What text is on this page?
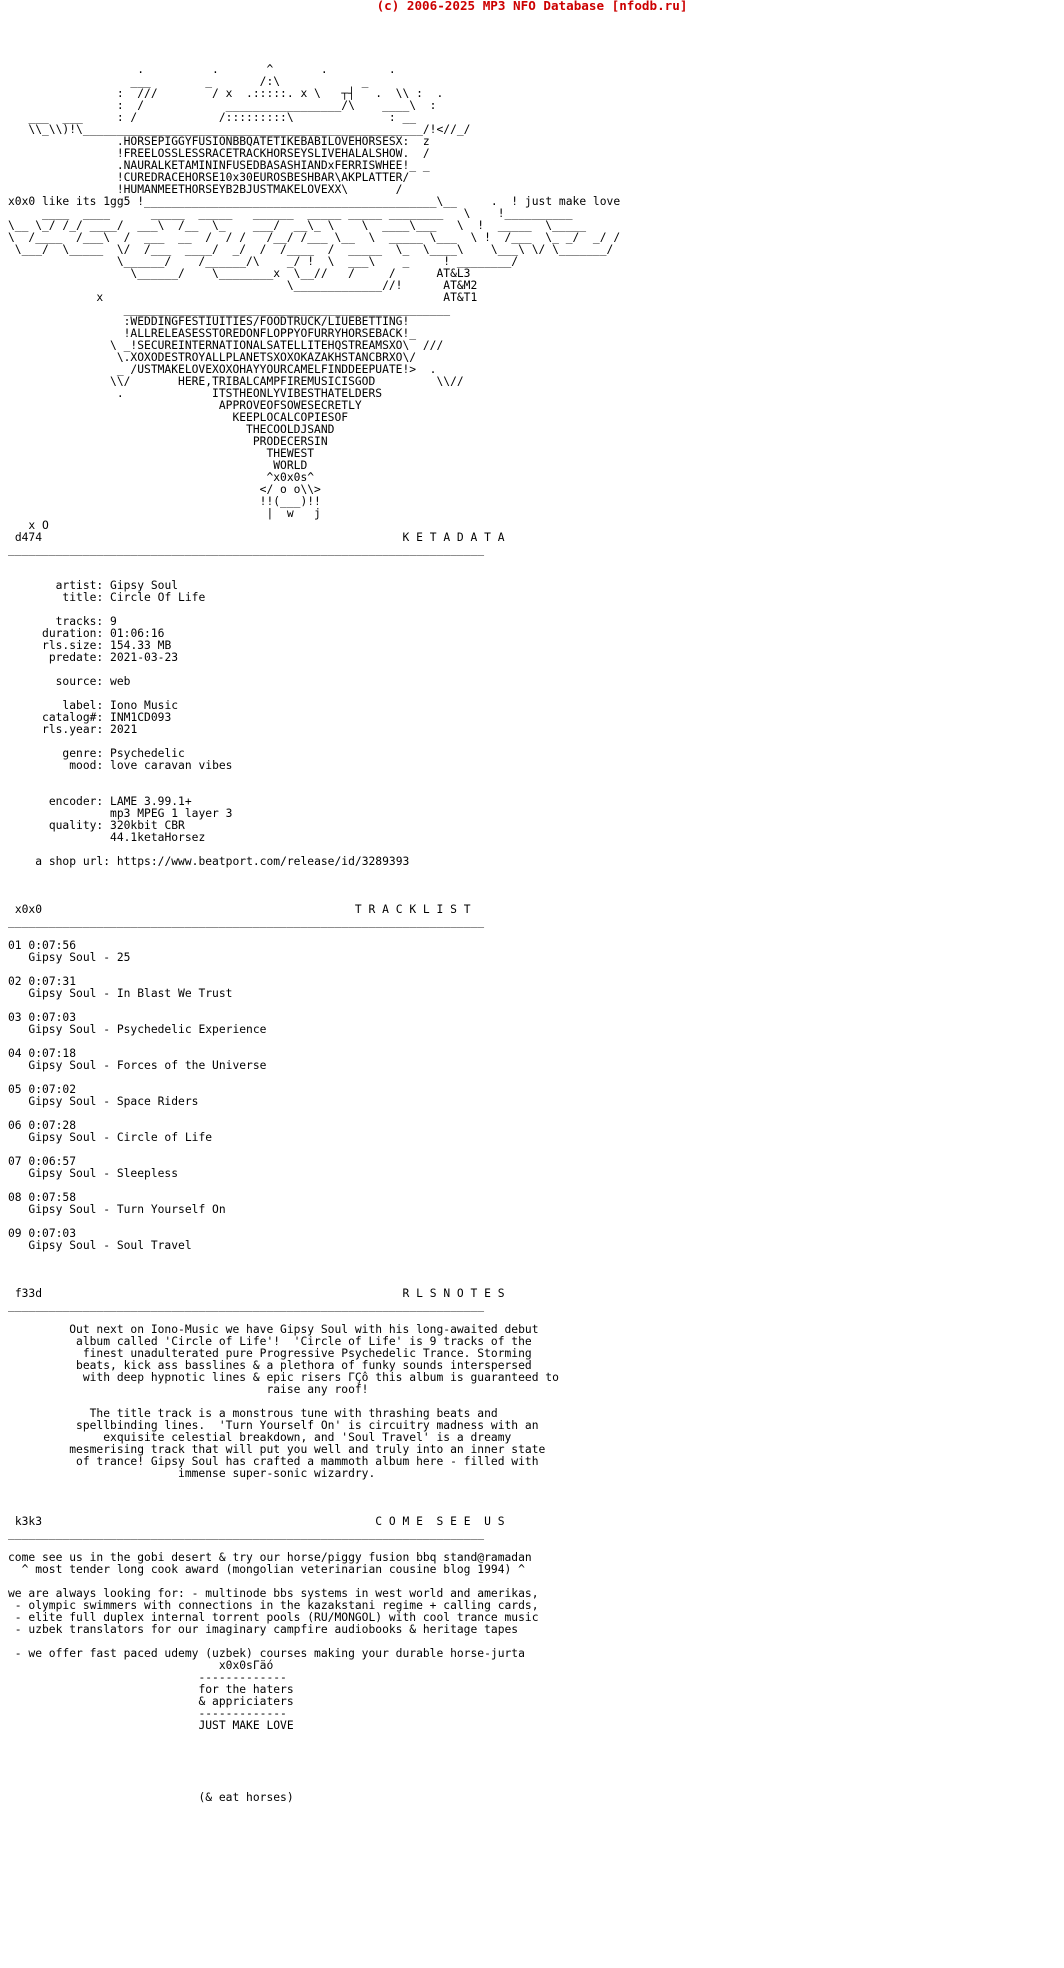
(c) 2006-2025 MP3 NFO Database [nfodb.ru]

.          .       ^       .         .
___        _       /:\            _
:  ///        / x  .:::::. x \   ┬┤   .  \\ :  .
:  /            _________________/\    ____\  :
___  ___     : /            /:::::::::\              : __
\\_\\)!\__________________________________________________/!<//_/
.HORSEPIGGYFUSIONBBQATETIKEBABILOVEHORSESX:  z
!FREELOSSLESSRACETRACKHORSEYSLIVEHALALSHOW.  /
.NAURALKETAMININFUSEDBASASHIANDxFERRISWHEE!_ _
!CUREDRACEHORSE10x30EUROSBESHBAR\AKPLATTER/
!HUMANMEETHORSEYB2BJUSTMAKELOVEXX\       /
x0x0 like its 1gg5 !___________________________________________\__     .  ! just make love
____  ____      _____  _____   ______  _____ _____ ________   \    !__________
\__ \_/ /_/ ____/  ___\  /__  \_    ___/  __\_ \    \  ____\___   \  !  _____  \_____
\  /____  /___\  /  ___  __  /  / /   /__/ /___ \__  \  _____ \___  \ !  /___  \_ _/  _/ /
\___/  \_____  \/  /___  ____/  _/  /  /____  /  _____  \_  \____\    \___\ \/ \_______/
\______/    /______/\    _/ !  \  ___\    _     ! ________/
\______/    \________x  \__//   /     /      AT&L3
\_____________//!      AT&M2
x                                                  AT&T1
________________________________________________
:WEDDINGFESTIUITIES/FOODTRUCK/LIUEBETTING!
!ALLRELEASESSTOREDONFLOPPYOFURRYHORSEBACK!_
\ _!SECUREINTERNATIONALSATELLITEHQSTREAMSXO\  ///
\.XOXODESTROYALLPLANETSXOXOKAZAKHSTANCBRXO\/
_ /USTMAKELOVEXOXOHAYYOURCAMELFINDDEEPUATE!>  .
\\/       HERE,TRIBALCAMPFIREMUSICISGOD         \\//
.             ITSTHEONLYVIBESTHATELDERS
APPROVEOFSOWESECRETLY
KEEPLOCALCOPIESOF
THECOOLDJSAND
PRODECERSIN
THEWEST
WORLD
^x0x0s^
</ o o\\>
!!(___)!!
|  w   j
x O
d474	K E T A D A T A
______________________________________________________________________

artist: Gipsy Soul
title: Circle Of Life

tracks: 9
duration: 01:06:16
rls.size: 154.33 MB
predate: 2021-03-23

source: web

label: Iono Music
catalog#: INM1CD093
rls.year: 2021

genre: Psychedelic
mood: love caravan vibes

encoder: LAME 3.99.1+
mp3 MPEG 1 layer 3
quality: 320kbit CBR
44.1ketaHorsez

a shop url: https://www.beatport.com/release/id/3289393

x0x0	T R A C K L I S T
______________________________________________________________________

01 0:07:56
Gipsy Soul - 25

02 0:07:31
Gipsy Soul - In Blast We Trust

03 0:07:03
Gipsy Soul - Psychedelic Experience

04 0:07:18
Gipsy Soul - Forces of the Universe

05 0:07:02
Gipsy Soul - Space Riders

06 0:07:28
Gipsy Soul - Circle of Life

07 0:06:57
Gipsy Soul - Sleepless

08 0:07:58
Gipsy Soul - Turn Yourself On

09 0:07:03
Gipsy Soul - Soul Travel

f33d	R L S N O T E S
______________________________________________________________________

Out next on Iono-Music we have Gipsy Soul with his long-awaited debut
album called 'Circle of Life'!  'Circle of Life' is 9 tracks of the
finest unadulterated pure Progressive Psychedelic Trance. Storming
beats, kick ass basslines & a plethora of funky sounds interspersed
with deep hypnotic lines & epic risers ΓÇô this album is guaranteed to
raise any roof!

The title track is a monstrous tune with thrashing beats and
spellbinding lines.  'Turn Yourself On' is circuitry madness with an
exquisite celestial breakdown, and 'Soul Travel' is a dreamy
mesmerising track that will put you well and truly into an inner state
of trance! Gipsy Soul has crafted a mammoth album here - filled with
immense super-sonic wizardry.

k3k3	C O M E  S E E  U S
______________________________________________________________________

come see us in the gobi desert & try our horse/piggy fusion bbq stand@ramadan
^ most tender long cook award (mongolian veterinarian cousine blog 1994) ^

we are always looking for: - multinode bbs systems in west world and amerikas,
- olympic swimmers with connections in the kazakstani regime + calling cards,
- elite full duplex internal torrent pools (RU/MONGOL) with cool trance music
- uzbek translators for our imaginary campfire audiobooks & heritage tapes

- we offer fast paced udemy (uzbek) courses making your durable horse-jurta
x0x0sΓäó
-------------
for the haters
& appriciaters
-------------
JUST MAKE LOVE

(& eat horses)
